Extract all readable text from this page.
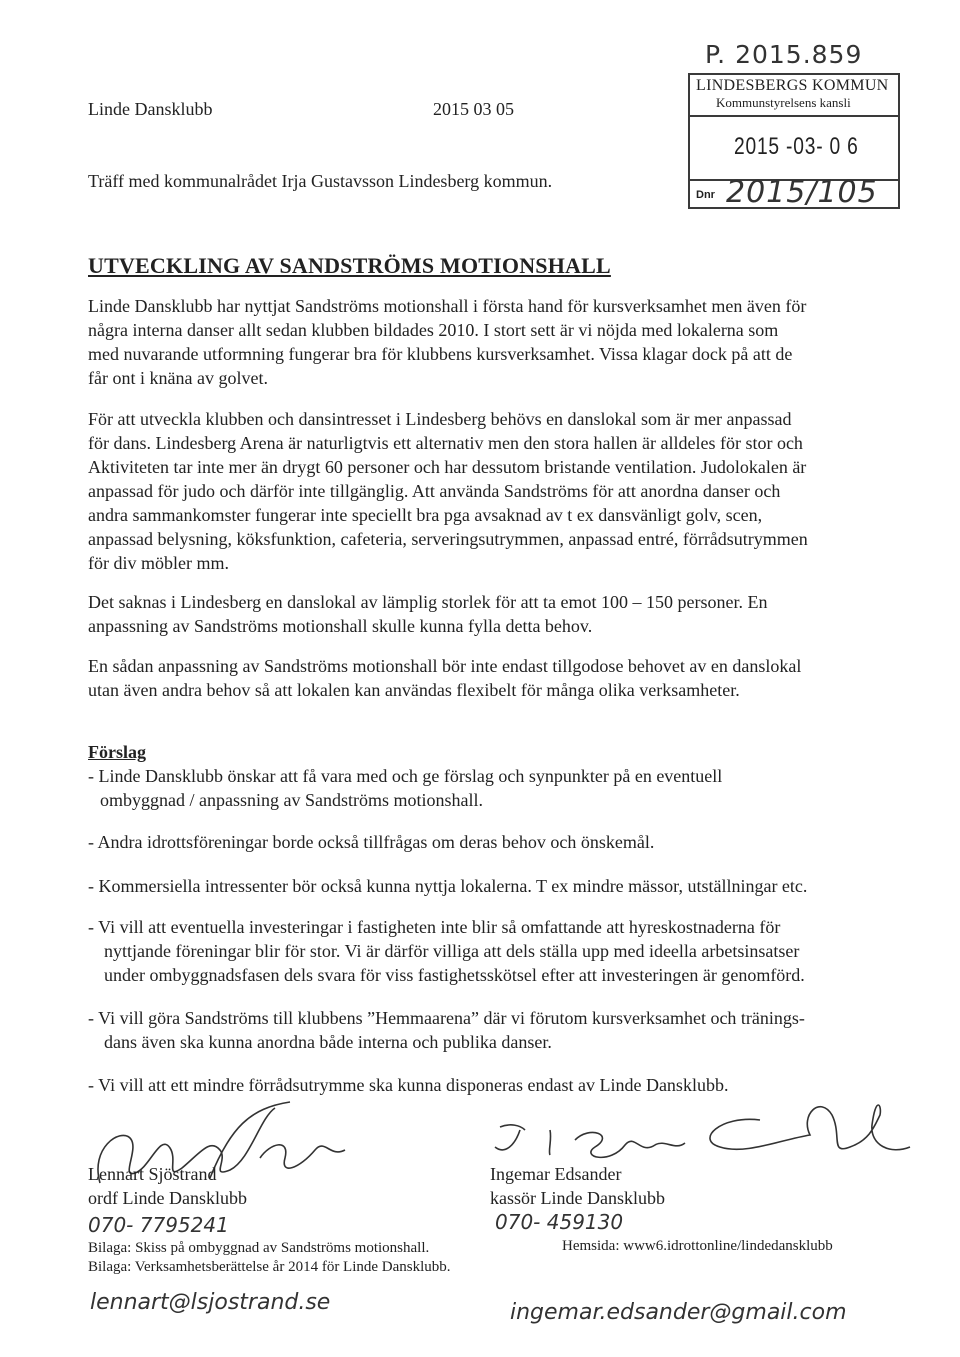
Linde Dansklubb	2015 03 05
Träff med kommunalrådet Irja Gustavsson Lindesberg kommun.
P. 2015.859
LINDESBERGS KOMMUN
Kommunstyrelsens kansli
2015 -03- 0 6
Dnr 2015/105
UTVECKLING AV SANDSTRÖMS MOTIONSHALL
Linde Dansklubb har nyttjat Sandströms motionshall i första hand för kursverksamhet men även för
några interna danser allt sedan klubben bildades 2010. I stort sett är vi nöjda med lokalerna som
med nuvarande utformning fungerar bra för klubbens kursverksamhet. Vissa klagar dock på att de
får ont i knäna av golvet.
För att utveckla klubben och dansintresset i Lindesberg behövs en danslokal som är mer anpassad
för dans. Lindesberg Arena är naturligtvis ett alternativ men den stora hallen är alldeles för stor och
Aktiviteten tar inte mer än drygt 60 personer och har dessutom bristande ventilation. Judolokalen är
anpassad för judo och därför inte tillgänglig. Att använda Sandströms för att anordna danser och
andra sammankomster fungerar inte speciellt bra pga avsaknad av t ex dansvänligt golv, scen,
anpassad belysning, köksfunktion, cafeteria, serveringsutrymmen, anpassad entré, förrådsutrymmen
för div möbler mm.
Det saknas i Lindesberg en danslokal av lämplig storlek för att ta emot 100 – 150 personer. En
anpassning av Sandströms motionshall skulle kunna fylla detta behov.
En sådan anpassning av Sandströms motionshall bör inte endast tillgodose behovet av en danslokal
utan även andra behov så att lokalen kan användas flexibelt för många olika verksamheter.
Förslag
- Linde Dansklubb önskar att få vara med och ge förslag och synpunkter på en eventuell
ombyggnad / anpassning av Sandströms motionshall.
- Andra idrottsföreningar borde också tillfrågas om deras behov och önskemål.
- Kommersiella intressenter bör också kunna nyttja lokalerna. T ex mindre mässor, utställningar etc.
- Vi vill att eventuella investeringar i fastigheten inte blir så omfattande att hyreskostnaderna för
nyttjande föreningar blir för stor. Vi är därför villiga att dels ställa upp med ideella arbetsinsatser
under ombyggnadsfasen dels svara för viss fastighetsskötsel efter att investeringen är genomförd.
- Vi vill göra Sandströms till klubbens ”Hemmaarena” där vi förutom kursverksamhet och tränings-
dans även ska kunna anordna både interna och publika danser.
- Vi vill att ett mindre förrådsutrymme ska kunna disponeras endast av Linde Dansklubb.
Lennart Sjöstrand
ordf Linde Dansklubb
070- 7795241
Ingemar Edsander
kassör Linde Dansklubb
070- 459130
Bilaga: Skiss på ombyggnad av Sandströms motionshall.
Bilaga: Verksamhetsberättelse år 2014 för Linde Dansklubb.
Hemsida: www6.idrottonline/lindedansklubb
lennart@lsjostrand.se	ingemar.edsander@gmail.com
